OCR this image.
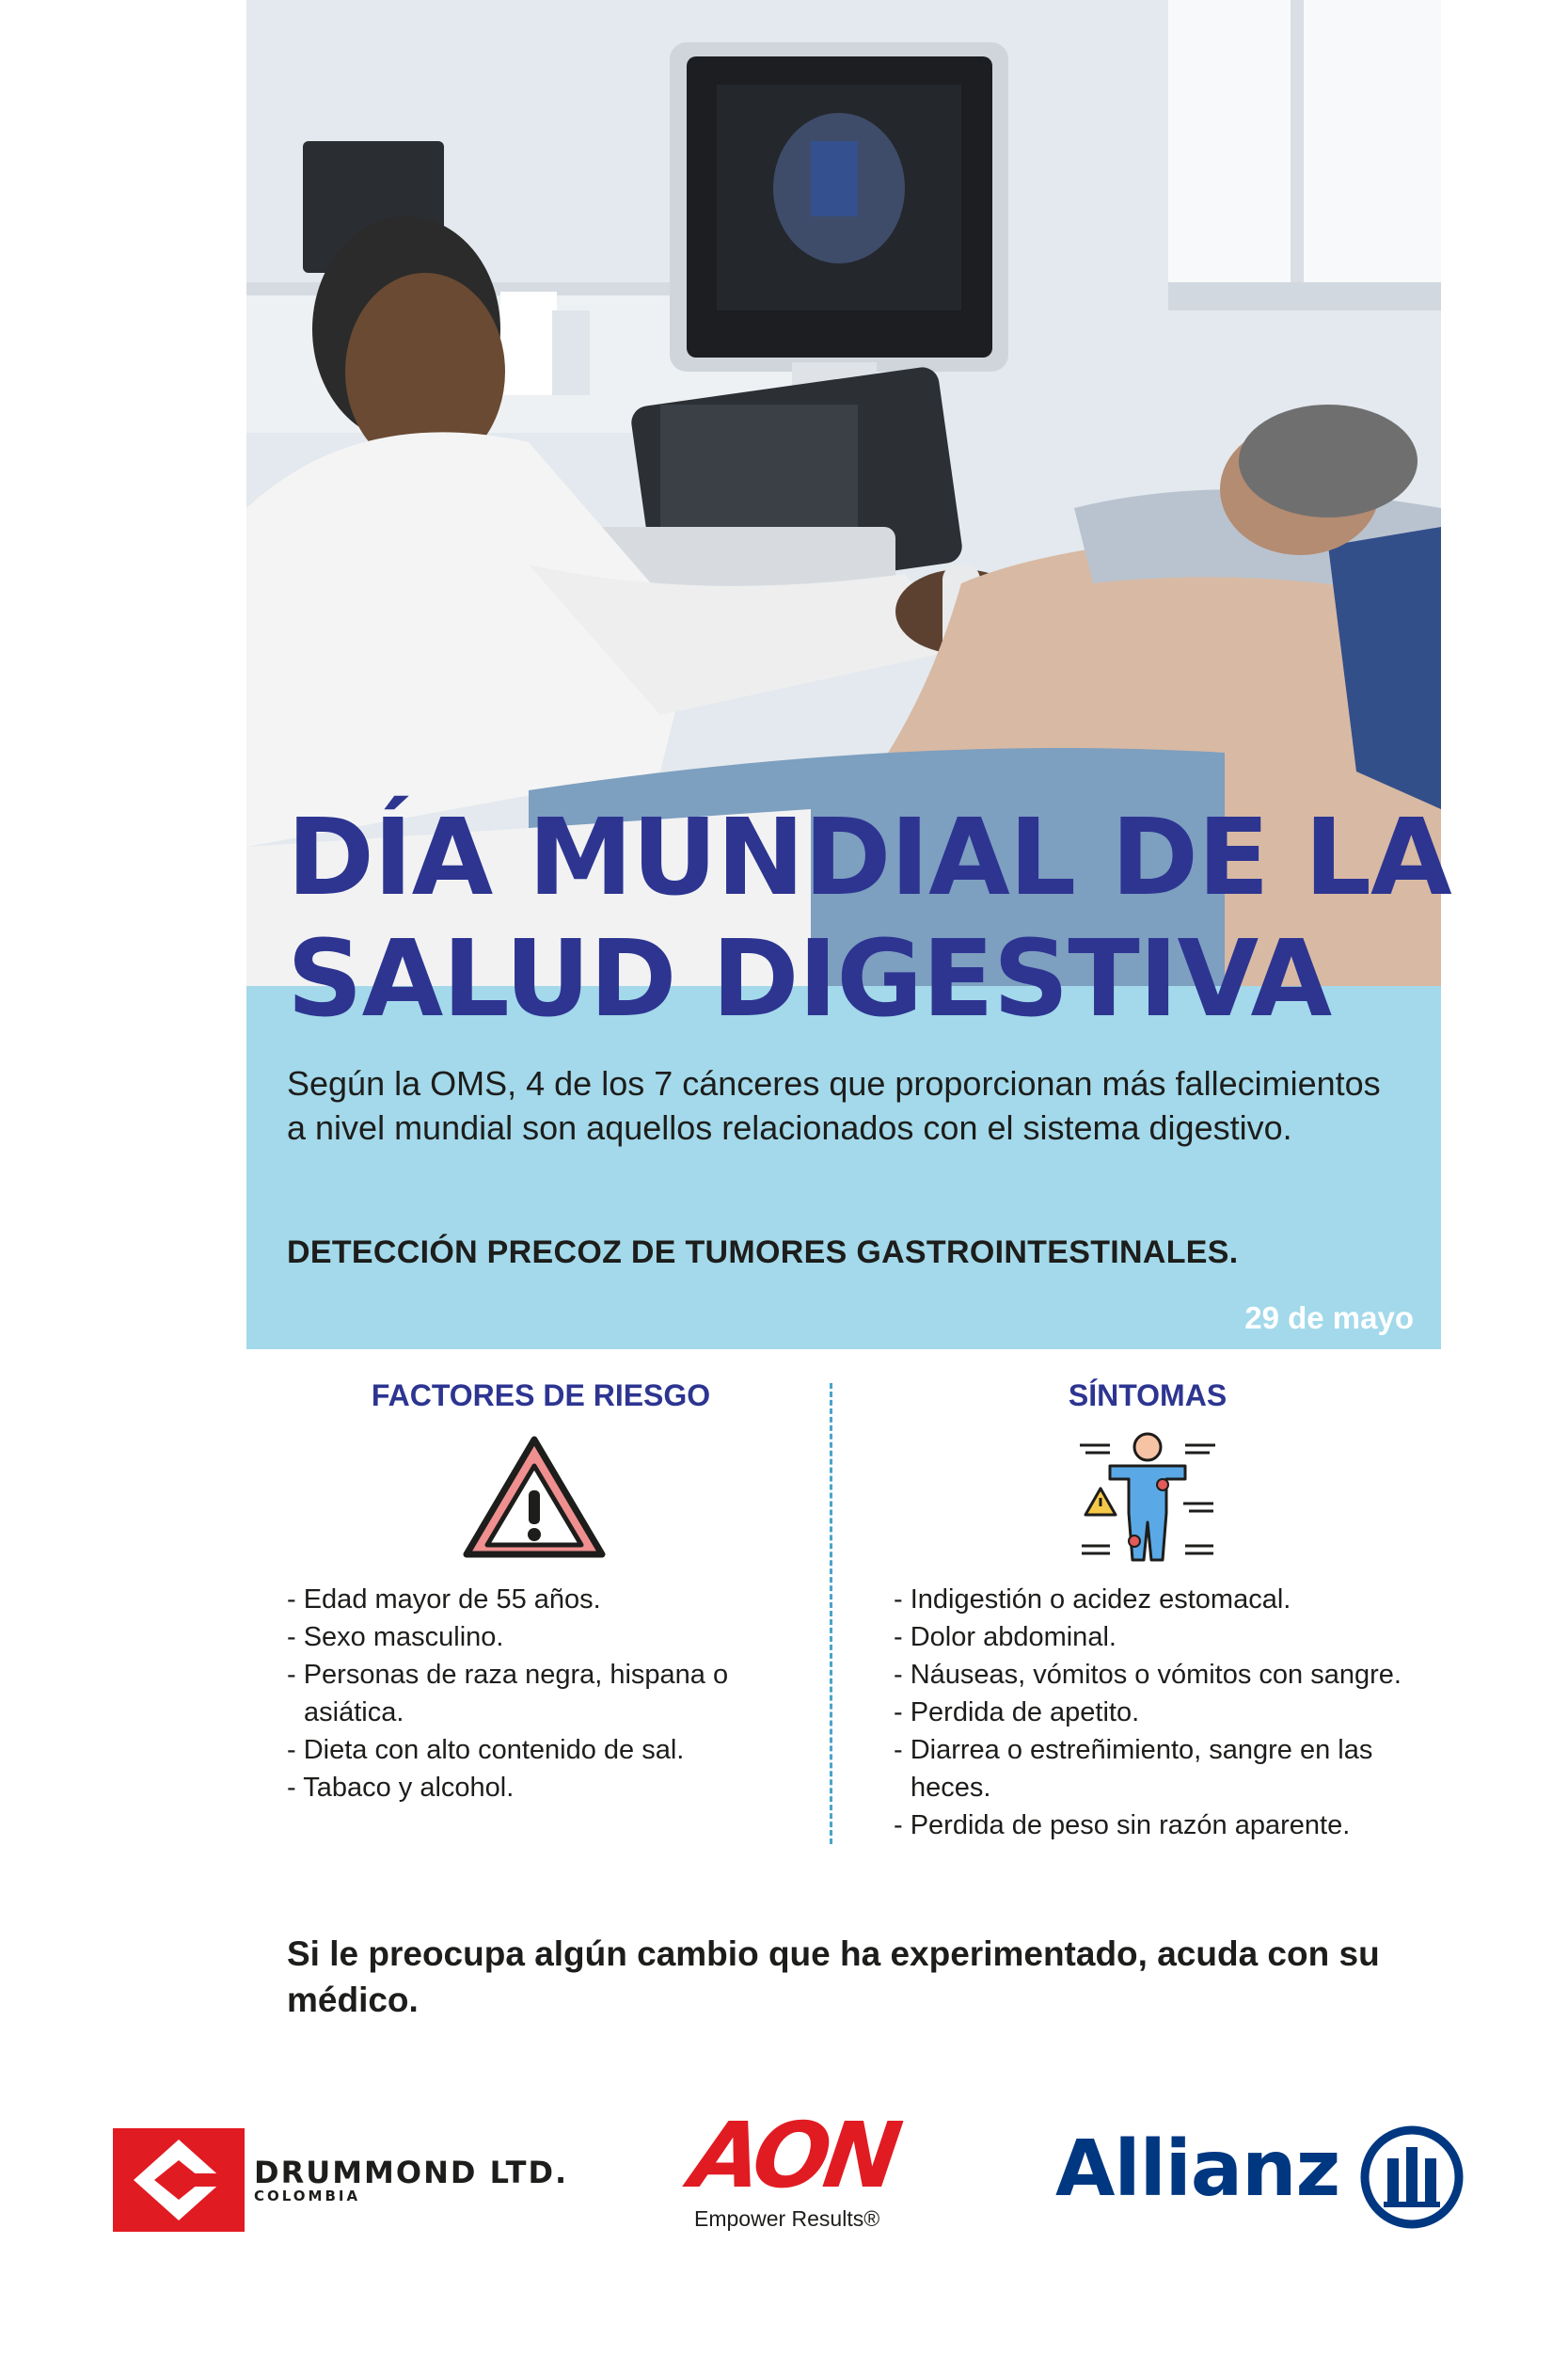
DÍA MUNDIAL DE LA
SALUD DIGESTIVA

Según la OMS, 4 de los 7 cánceres que proporcionan más fallecimientos a nivel mundial son aquellos relacionados con el sistema digestivo.

DETECCIÓN PRECOZ DE TUMORES GASTROINTESTINALES.

29 de mayo
FACTORES DE RIESGO
- Edad mayor de 55 años.
- Sexo masculino.
- Personas de raza negra, hispana o asiática.
- Dieta con alto contenido de sal.
- Tabaco y alcohol.
SÍNTOMAS
- Indigestión o acidez estomacal.
- Dolor abdominal.
- Náuseas, vómitos o vómitos con sangre.
- Perdida de apetito.
- Diarrea o estreñimiento, sangre en las heces.
- Perdida de peso sin razón aparente.

Si le preocupa algún cambio que ha experimentado, acuda con su médico.

DRUMMOND LTD.
COLOMBIA	AON
Empower Results®
Allianz
